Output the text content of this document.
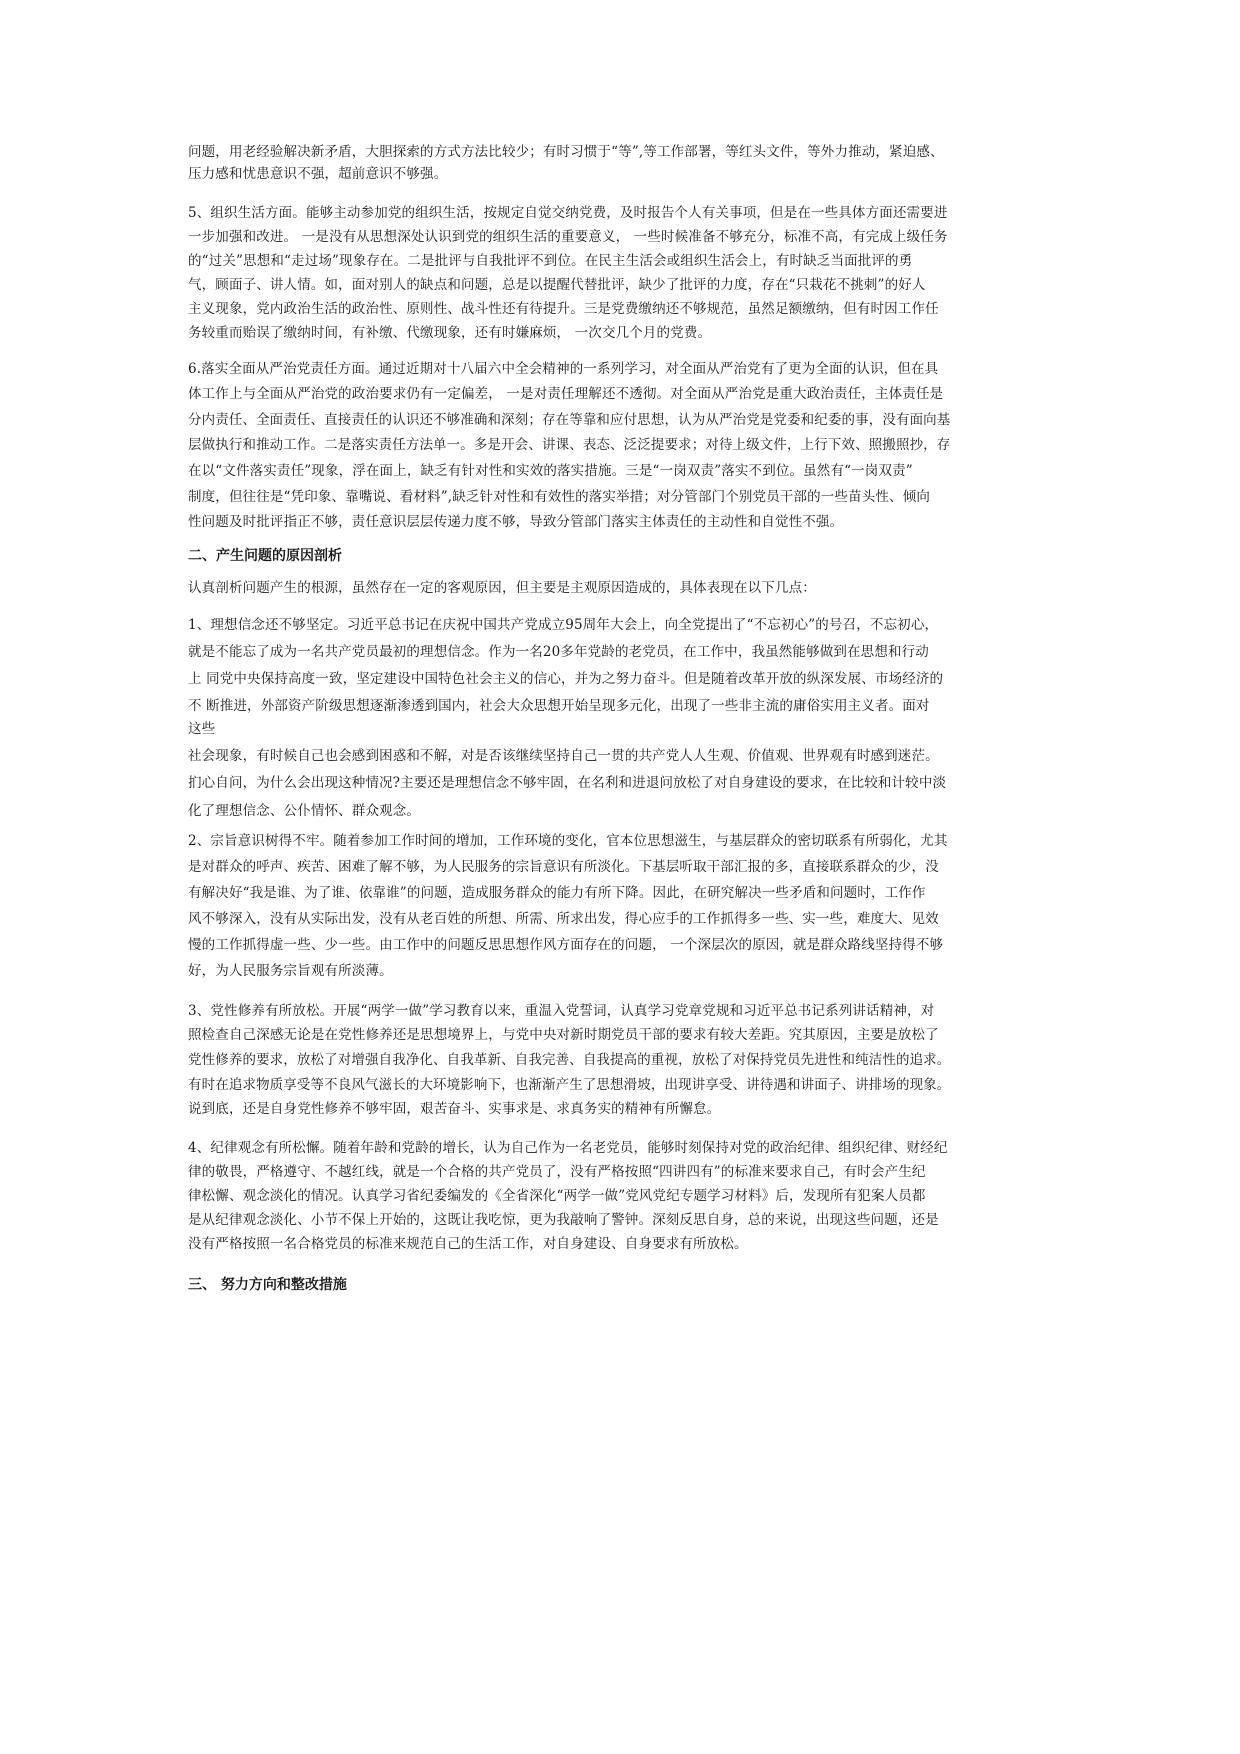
问题，用老经验解决新矛盾，大胆探索的方式方法比较少；有时习惯于“等”,等工作部署，等红头文件，等外力推动，紧迫感、
压力感和忧患意识不强，超前意识不够强。
5、组织生活方面。能够主动参加党的组织生活，按规定自觉交纳党费，及时报告个人有关事项，但是在一些具体方面还需要进
一步加强和改进。 一是没有从思想深处认识到党的组织生活的重要意义， 一些时候准备不够充分，标准不高，有完成上级任务
的“过关”思想和“走过场”现象存在。二是批评与自我批评不到位。在民主生活会或组织生活会上，有时缺乏当面批评的勇
气，顾面子、讲人情。如，面对别人的缺点和问题，总是以提醒代替批评，缺少了批评的力度，存在“只栽花不挑刺”的好人
主义现象，党内政治生活的政治性、原则性、战斗性还有待提升。三是党费缴纳还不够规范，虽然足额缴纳，但有时因工作任
务较重而贻误了缴纳时间，有补缴、代缴现象，还有时嫌麻烦， 一次交几个月的党费。
6.落实全面从严治党责任方面。通过近期对十八届六中全会精神的一系列学习，对全面从严治党有了更为全面的认识，但在具
体工作上与全面从严治党的政治要求仍有一定偏差， 一是对责任理解还不透彻。对全面从严治党是重大政治责任，主体责任是
分内责任、全面责任、直接责任的认识还不够准确和深刻；存在等靠和应付思想，认为从严治党是党委和纪委的事，没有面向基
层做执行和推动工作。二是落实责任方法单一。多是开会、讲课、表态、泛泛提要求；对待上级文件，上行下效、照搬照抄，存
在以“文件落实责任”现象，浮在面上，缺乏有针对性和实效的落实措施。三是“一岗双责”落实不到位。虽然有“一岗双责”
制度，但往往是“凭印象、靠嘴说、看材料”,缺乏针对性和有效性的落实举措；对分管部门个别党员干部的一些苗头性、倾向
性问题及时批评指正不够，责任意识层层传递力度不够，导致分管部门落实主体责任的主动性和自觉性不强。
二、产生问题的原因剖析
认真剖析问题产生的根源，虽然存在一定的客观原因，但主要是主观原因造成的，具体表现在以下几点：
1、理想信念还不够坚定。习近平总书记在庆祝中国共产党成立95周年大会上，向全党提出了“不忘初心”的号召，不忘初心，
就是不能忘了成为一名共产党员最初的理想信念。作为一名20多年党龄的老党员，在工作中，我虽然能够做到在思想和行动
上 同党中央保持高度一致，坚定建设中国特色社会主义的信心，并为之努力奋斗。但是随着改革开放的纵深发展、市场经济的
不 断推进，外部资产阶级思想逐渐渗透到国内，社会大众思想开始呈现多元化，出现了一些非主流的庸俗实用主义者。面对
这些
社会现象，有时候自己也会感到困惑和不解，对是否该继续坚持自己一贯的共产党人人生观、价值观、世界观有时感到迷茫。
扪心自问，为什么会出现这种情况?主要还是理想信念不够牢固，在名利和进退问放松了对自身建设的要求，在比较和计较中淡
化了理想信念、公仆情怀、群众观念。
2、宗旨意识树得不牢。随着参加工作时间的增加，工作环境的变化，官本位思想滋生，与基层群众的密切联系有所弱化，尤其
是对群众的呼声、疾苦、困难了解不够，为人民服务的宗旨意识有所淡化。下基层听取干部汇报的多，直接联系群众的少，没
有解决好“我是谁、为了谁、依靠谁”的问题，造成服务群众的能力有所下降。因此，在研究解决一些矛盾和问题时，工作作
风不够深入，没有从实际出发，没有从老百姓的所想、所需、所求出发，得心应手的工作抓得多一些、实一些，难度大、见效
慢的工作抓得虚一些、少一些。由工作中的问题反思思想作风方面存在的问题， 一个深层次的原因，就是群众路线坚持得不够
好，为人民服务宗旨观有所淡薄。
3、党性修养有所放松。开展“两学一做”学习教育以来，重温入党誓词，认真学习党章党规和习近平总书记系列讲话精神，对
照检查自己深感无论是在党性修养还是思想境界上，与党中央对新时期党员干部的要求有较大差距。究其原因，主要是放松了
党性修养的要求，放松了对增强自我净化、自我革新、自我完善、自我提高的重视，放松了对保持党员先进性和纯洁性的追求。
有时在追求物质享受等不良风气滋长的大环境影响下，也渐渐产生了思想滑坡，出现讲享受、讲待遇和讲面子、讲排场的现象。
说到底，还是自身党性修养不够牢固，艰苦奋斗、实事求是、求真务实的精神有所懈怠。
4、纪律观念有所松懈。随着年龄和党龄的增长，认为自己作为一名老党员，能够时刻保持对党的政治纪律、组织纪律、财经纪
律的敬畏，严格遵守、不越红线，就是一个合格的共产党员了，没有严格按照“四讲四有”的标准来要求自己，有时会产生纪
律松懈、观念淡化的情况。认真学习省纪委编发的《全省深化“两学一做”党风党纪专题学习材料》后，发现所有犯案人员都
是从纪律观念淡化、小节不保上开始的，这既让我吃惊，更为我敲响了警钟。深刻反思自身，总的来说，出现这些问题，还是
没有严格按照一名合格党员的标准来规范自己的生活工作，对自身建设、自身要求有所放松。
三、 努力方向和整改措施
